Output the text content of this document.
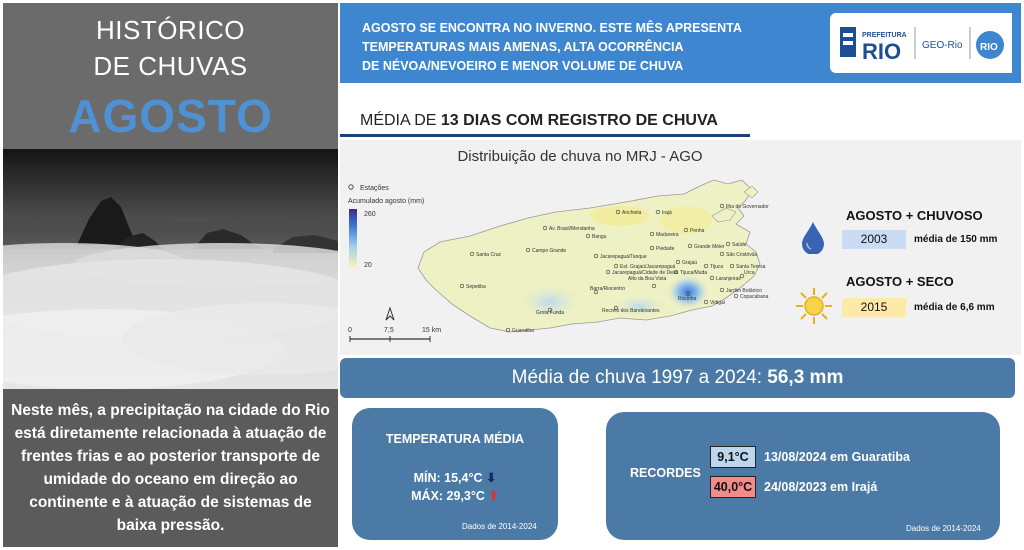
HISTÓRICO
DE CHUVAS
AGOSTO
Neste mês, a precipitação na cidade do Rio está diretamente relacionada à atuação de frentes frias e ao posterior transporte de umidade do oceano em direção ao continente e à atuação de sistemas de baixa pressão.
AGOSTO SE ENCONTRA NO INVERNO. ESTE MÊS APRESENTA
TEMPERATURAS MAIS AMENAS, ALTA OCORRÊNCIA
DE NÉVOA/NEVOEIRO E MENOR VOLUME DE CHUVA
PREFEITURA
RIO GEO-Rio RIO
MÉDIA DE 13 DIAS COM REGISTRO DE CHUVA
Distribuição de chuva no MRJ - AGO
Estações
Acumulado agosto (mm)
260
20
Santa Cruz
Sepetiba
Campo Grande
Av. Brasil/Mendanha
Bangu
Anchieta	Irajá
Madureira
Penha
Ilha do Governador
Grande Méier
Piedade
São Cristóvão
Jacarepaguá/Tanque
Est. Grajaú/Jacarepaguá
Jacarepaguá/Cidade de Deus Tijuca/Muda
Grajaú
Tijuca	Santa Teresa
Laranjeiras
Alto da Boa Vista
Rocinha
Jardim Botânico
Urca
Vidigal
Copacabana
Barra/Riocentro
Recreio dos Bandeirantes
Grota Funda
Guaratiba
Saúde
0	7,5	15 km
AGOSTO + CHUVOSO
2003	média de 150 mm
AGOSTO + SECO
2015	média de 6,6 mm
Média de chuva 1997 a 2024: 56,3 mm
TEMPERATURA MÉDIA
MÍN: 15,4°C ⬇
MÁX: 29,3°C ⬆
Dados de 2014-2024
RECORDES
9,1°C 13/08/2024 em Guaratiba
40,0°C 24/08/2023 em Irajá
Dados de 2014-2024
